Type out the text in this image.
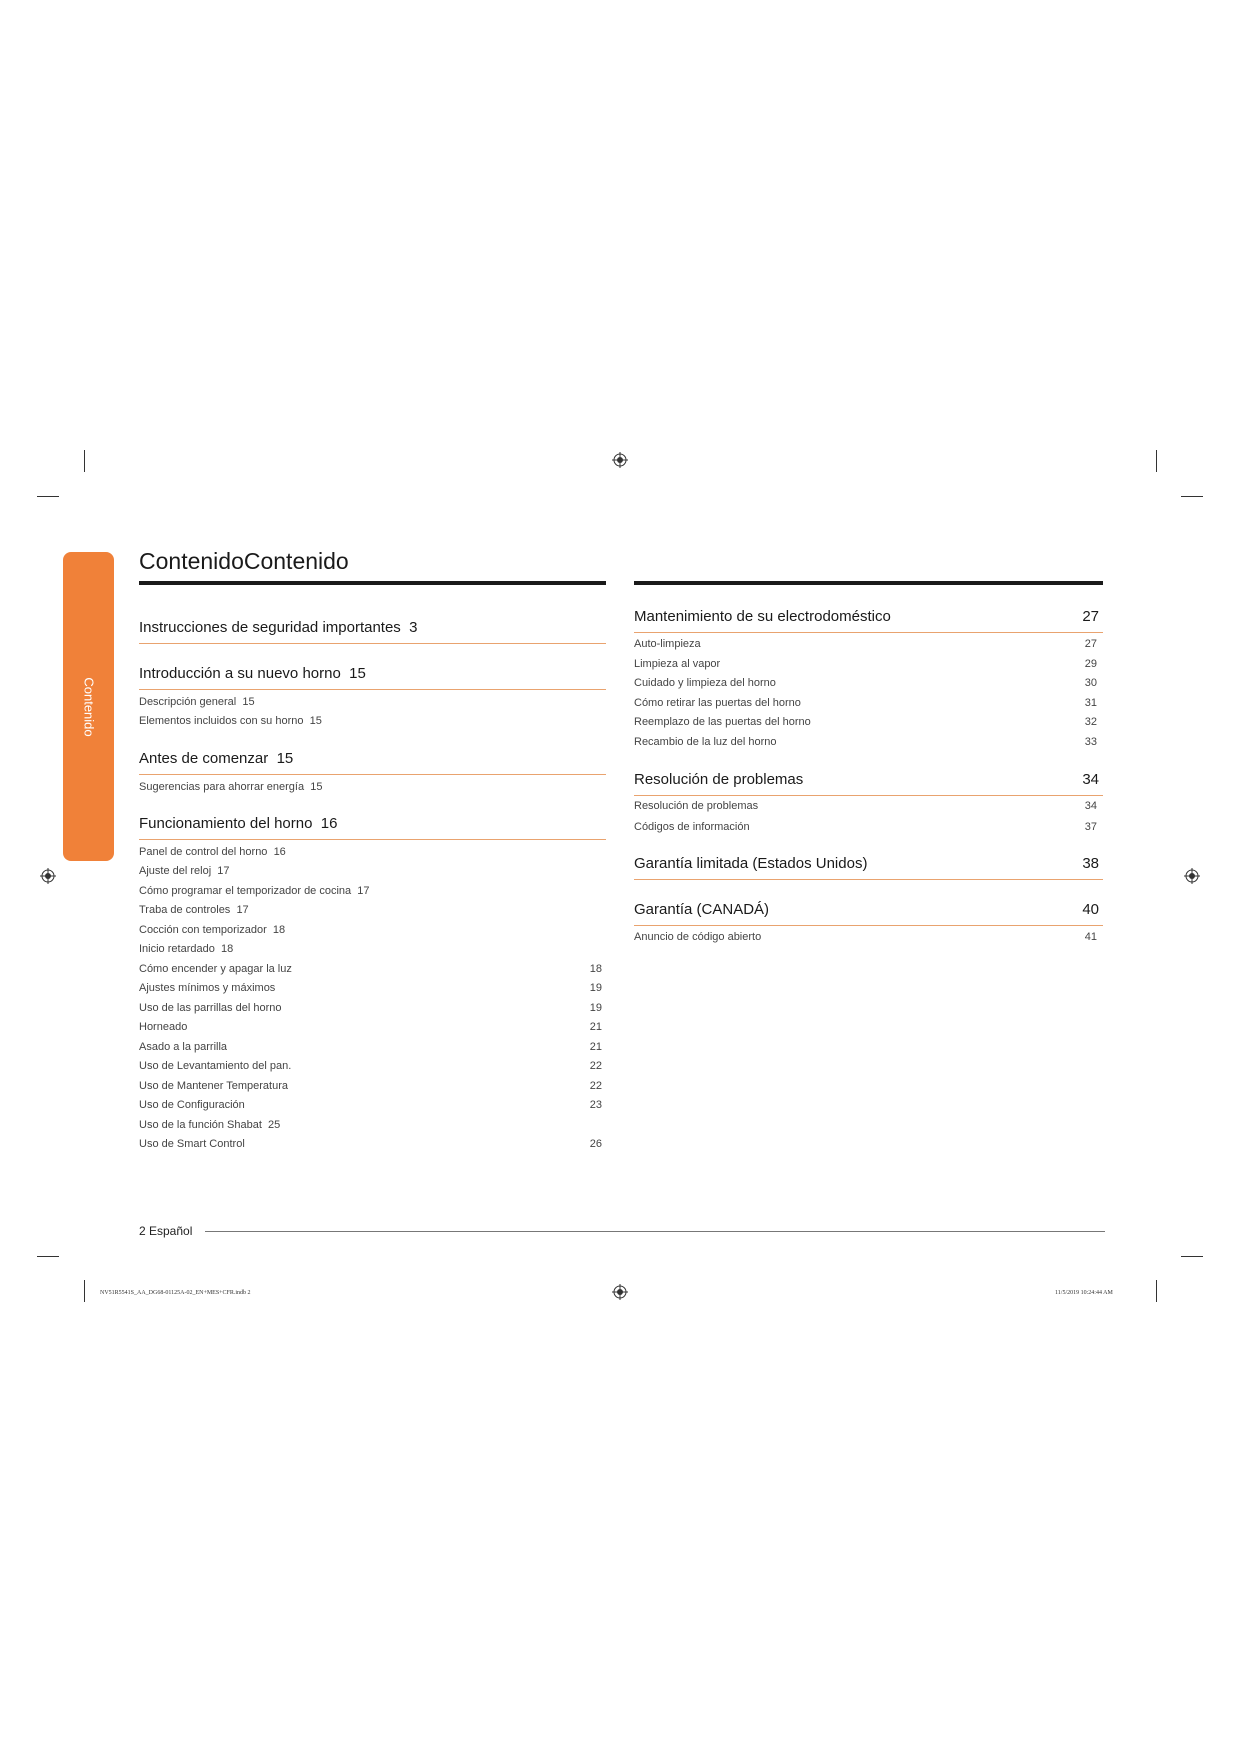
Contenido
ContenidoContenido
Instrucciones de seguridad importantes 3
Introducción a su nuevo horno 15
Descripción general 15
Elementos incluidos con su horno 15
Antes de comenzar 15
Sugerencias para ahorrar energía 15
Funcionamiento del horno 16
Panel de control del horno 16
Ajuste del reloj 17
Cómo programar el temporizador de cocina 17
Traba de controles 17
Cocción con temporizador 18
Inicio retardado 18
Cómo encender y apagar la luz	18
Ajustes mínimos y máximos	19
Uso de las parrillas del horno	19
Horneado	21
Asado a la parrilla	21
Uso de Levantamiento del pan.	22
Uso de Mantener Temperatura	22
Uso de Configuración	23
Uso de la función Shabat 25
Uso de Smart Control	26
Mantenimiento de su electrodoméstico	27
Auto-limpieza	27
Limpieza al vapor	29
Cuidado y limpieza del horno	30
Cómo retirar las puertas del horno	31
Reemplazo de las puertas del horno	32
Recambio de la luz del horno	33
Resolución de problemas	34
Resolución de problemas	34
Códigos de información	37
Garantía limitada (Estados Unidos)	38
Garantía (CANADÁ)	40
Anuncio de código abierto	41
2 Español
NV51R5541S_AA_DG68-01125A-02_EN+MES+CFR.indb 2	11/5/2019 10:24:44 AM
